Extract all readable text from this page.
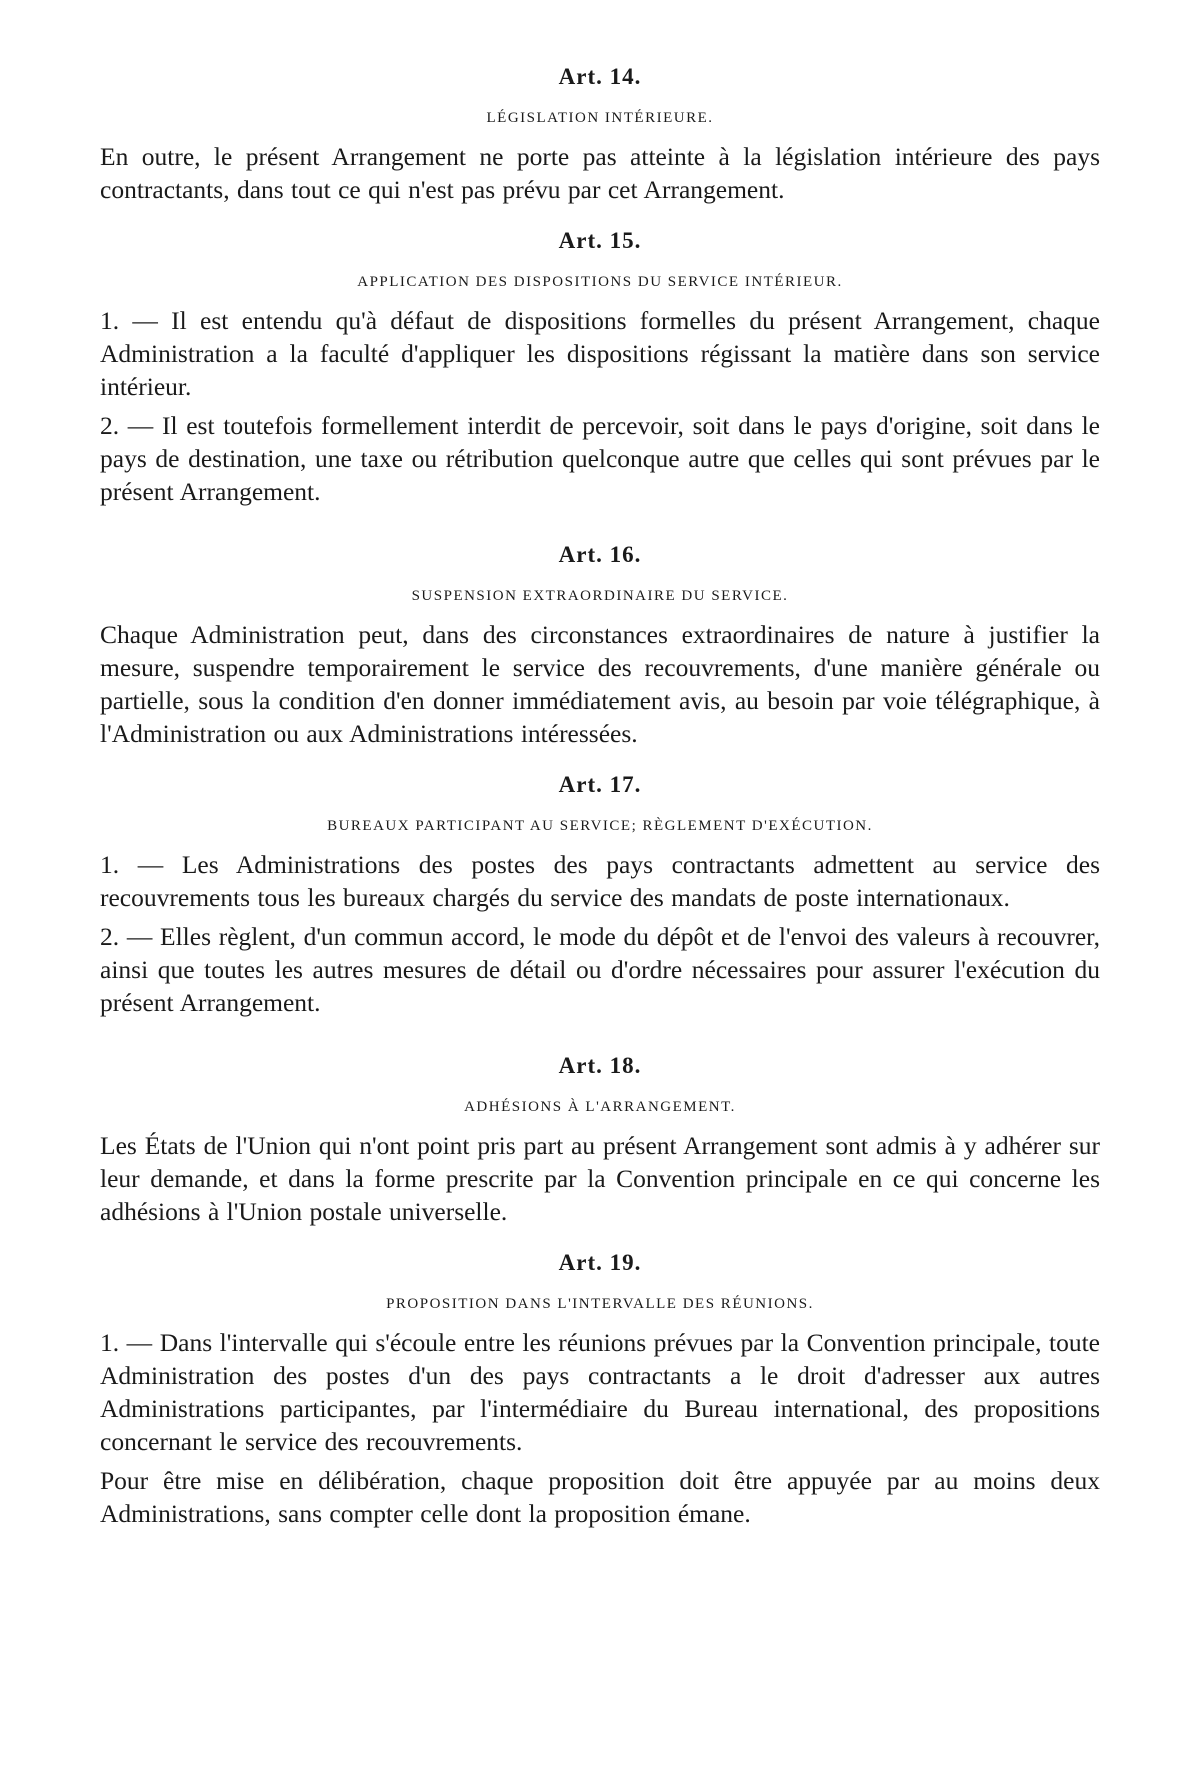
Art. 14.
LÉGISLATION INTÉRIEURE.

En outre, le présent Arrangement ne porte pas atteinte à la législation intérieure des pays contractants, dans tout ce qui n'est pas prévu par cet Arrangement.

Art. 15.
APPLICATION DES DISPOSITIONS DU SERVICE INTÉRIEUR.

1. — Il est entendu qu'à défaut de dispositions formelles du présent Arrangement, chaque Administration a la faculté d'appliquer les dispositions régissant la matière dans son service intérieur.

2. — Il est toutefois formellement interdit de percevoir, soit dans le pays d'origine, soit dans le pays de destination, une taxe ou rétribution quelconque autre que celles qui sont prévues par le présent Arrangement.

Art. 16.
SUSPENSION EXTRAORDINAIRE DU SERVICE.

Chaque Administration peut, dans des circonstances extraordinaires de nature à justifier la mesure, suspendre temporairement le service des recouvrements, d'une manière générale ou partielle, sous la condition d'en donner immédiatement avis, au besoin par voie télégraphique, à l'Administration ou aux Administrations intéressées.

Art. 17.
BUREAUX PARTICIPANT AU SERVICE; RÈGLEMENT D'EXÉCUTION.

1. — Les Administrations des postes des pays contractants admettent au service des recouvrements tous les bureaux chargés du service des mandats de poste internationaux.

2. — Elles règlent, d'un commun accord, le mode du dépôt et de l'envoi des valeurs à recouvrer, ainsi que toutes les autres mesures de détail ou d'ordre nécessaires pour assurer l'exécution du présent Arrangement.

Art. 18.
ADHÉSIONS À L'ARRANGEMENT.

Les États de l'Union qui n'ont point pris part au présent Arrangement sont admis à y adhérer sur leur demande, et dans la forme prescrite par la Convention principale en ce qui concerne les adhésions à l'Union postale universelle.

Art. 19.
PROPOSITION DANS L'INTERVALLE DES RÉUNIONS.

1. — Dans l'intervalle qui s'écoule entre les réunions prévues par la Convention principale, toute Administration des postes d'un des pays contractants a le droit d'adresser aux autres Administrations participantes, par l'intermédiaire du Bureau international, des propositions concernant le service des recouvrements.

Pour être mise en délibération, chaque proposition doit être appuyée par au moins deux Administrations, sans compter celle dont la proposition émane.
